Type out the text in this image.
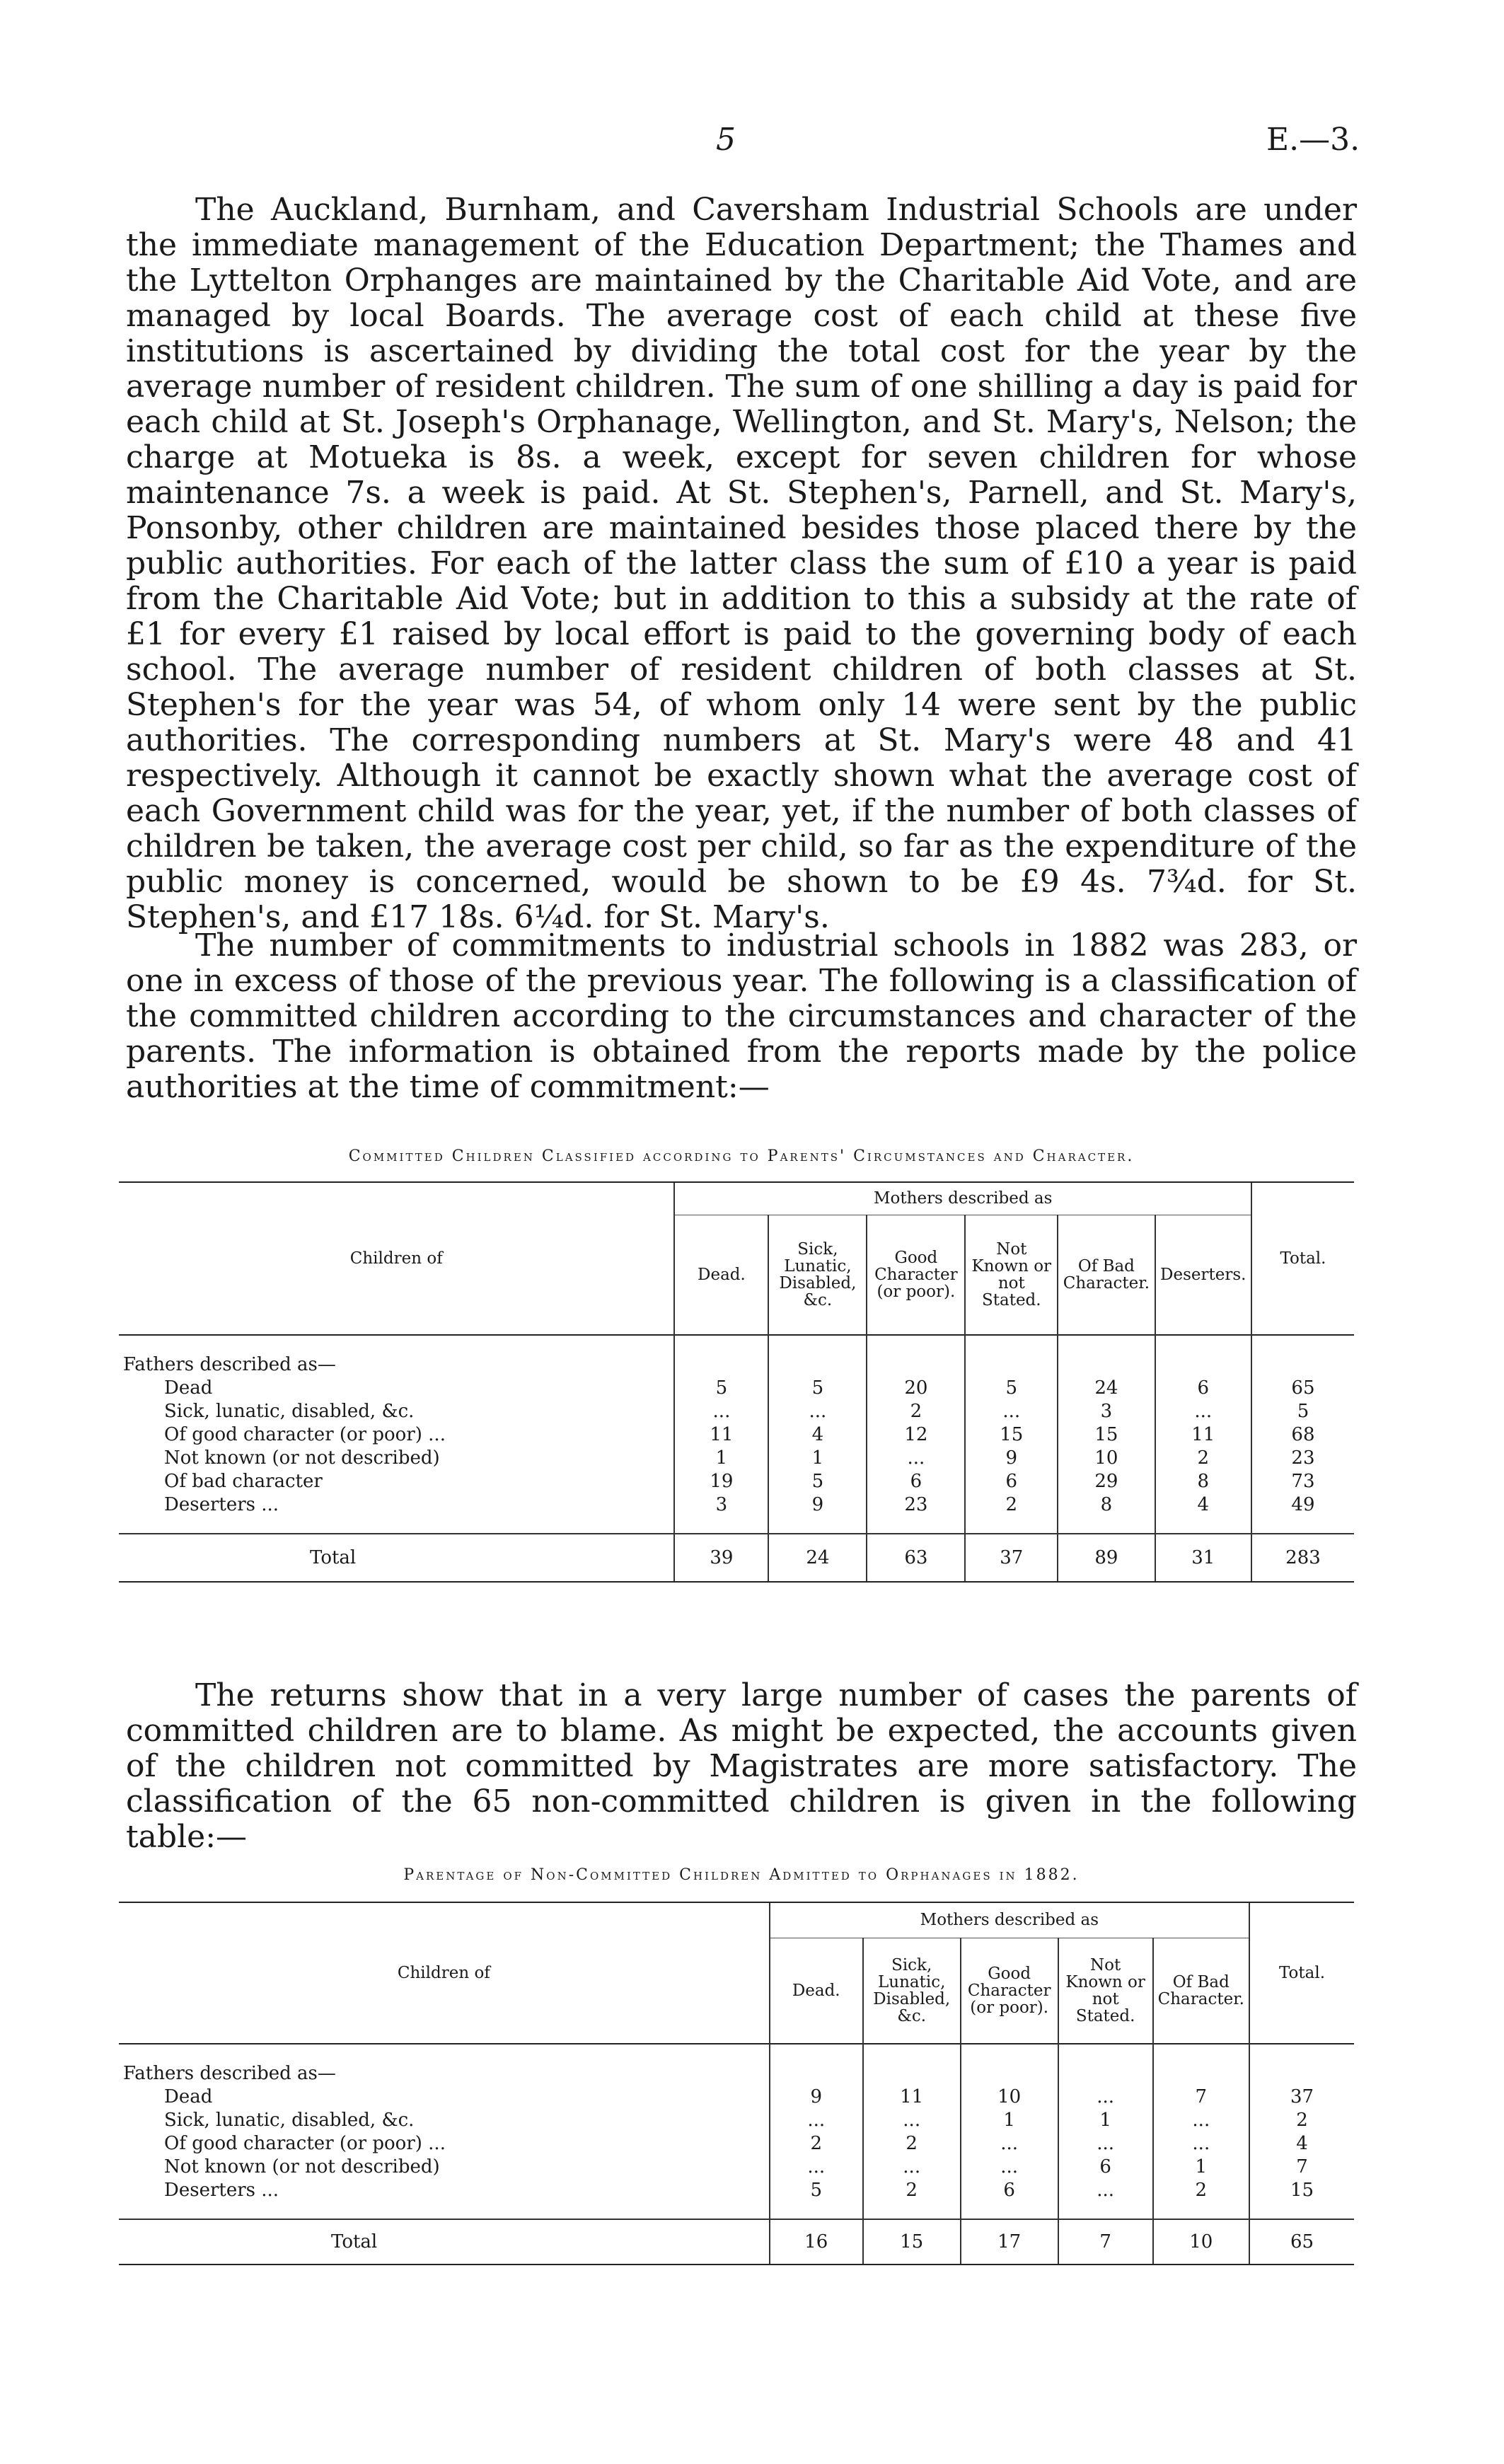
5	E.—3.

The Auckland, Burnham, and Caversham Industrial Schools are under the immediate management of the Education Department; the Thames and the Lyttelton Orphanges are maintained by the Charitable Aid Vote, and are managed by local Boards. The average cost of each child at these five institutions is ascertained by dividing the total cost for the year by the average number of resident children. The sum of one shilling a day is paid for each child at St. Joseph's Orphanage, Wellington, and St. Mary's, Nelson; the charge at Motueka is 8s. a week, except for seven children for whose maintenance 7s. a week is paid. At St. Stephen's, Parnell, and St. Mary's, Ponsonby, other children are maintained besides those placed there by the public authorities. For each of the latter class the sum of £10 a year is paid from the Charitable Aid Vote; but in addition to this a subsidy at the rate of £1 for every £1 raised by local effort is paid to the governing body of each school. The average number of resident children of both classes at St. Stephen's for the year was 54, of whom only 14 were sent by the public authorities. The corresponding numbers at St. Mary's were 48 and 41 respectively. Although it cannot be exactly shown what the average cost of each Government child was for the year, yet, if the number of both classes of children be taken, the average cost per child, so far as the expenditure of the public money is concerned, would be shown to be £9 4s. 7¾d. for St. Stephen's, and £17 18s. 6¼d. for St. Mary's.

The number of commitments to industrial schools in 1882 was 283, or one in excess of those of the previous year. The following is a classification of the committed children according to the circumstances and character of the parents. The information is obtained from the reports made by the police authorities at the time of commitment:—

Committed Children Classified according to Parents' Circumstances and Character.
Children of	Mothers described as						Total.
	Dead.	Sick, Lunatic, Disabled, &c.	Good Character (or poor).	Not Known or not Stated.	Of Bad Character.	Deserters.	

Fathers described as—							
Dead	5	5	20	5	24	6	65
Sick, lunatic, disabled, &c.	...	...	2	...	3	...	5
Of good character (or poor) ...	11	4	12	15	15	11	68
Not known (or not described)	1	1	...	9	10	2	23
Of bad character	19	5	6	6	29	8	73
Deserters ...	3	9	23	2	8	4	49

Total	39	24	63	37	89	31	283

The returns show that in a very large number of cases the parents of committed children are to blame. As might be expected, the accounts given of the children not committed by Magistrates are more satisfactory. The classification of the 65 non-committed children is given in the following table:—

Parentage of Non-Committed Children Admitted to Orphanages in 1882.
Children of	Mothers described as					Total.
	Dead.	Sick, Lunatic, Disabled, &c.	Good Character (or poor).	Not Known or not Stated.	Of Bad Character.	

Fathers described as—						
Dead	9	11	10	...	7	37
Sick, lunatic, disabled, &c.	...	...	1	1	...	2
Of good character (or poor) ...	2	2	...	...	...	4
Not known (or not described)	...	...	...	6	1	7
Deserters ...	5	2	6	...	2	15

Total	16	15	17	7	10	65
